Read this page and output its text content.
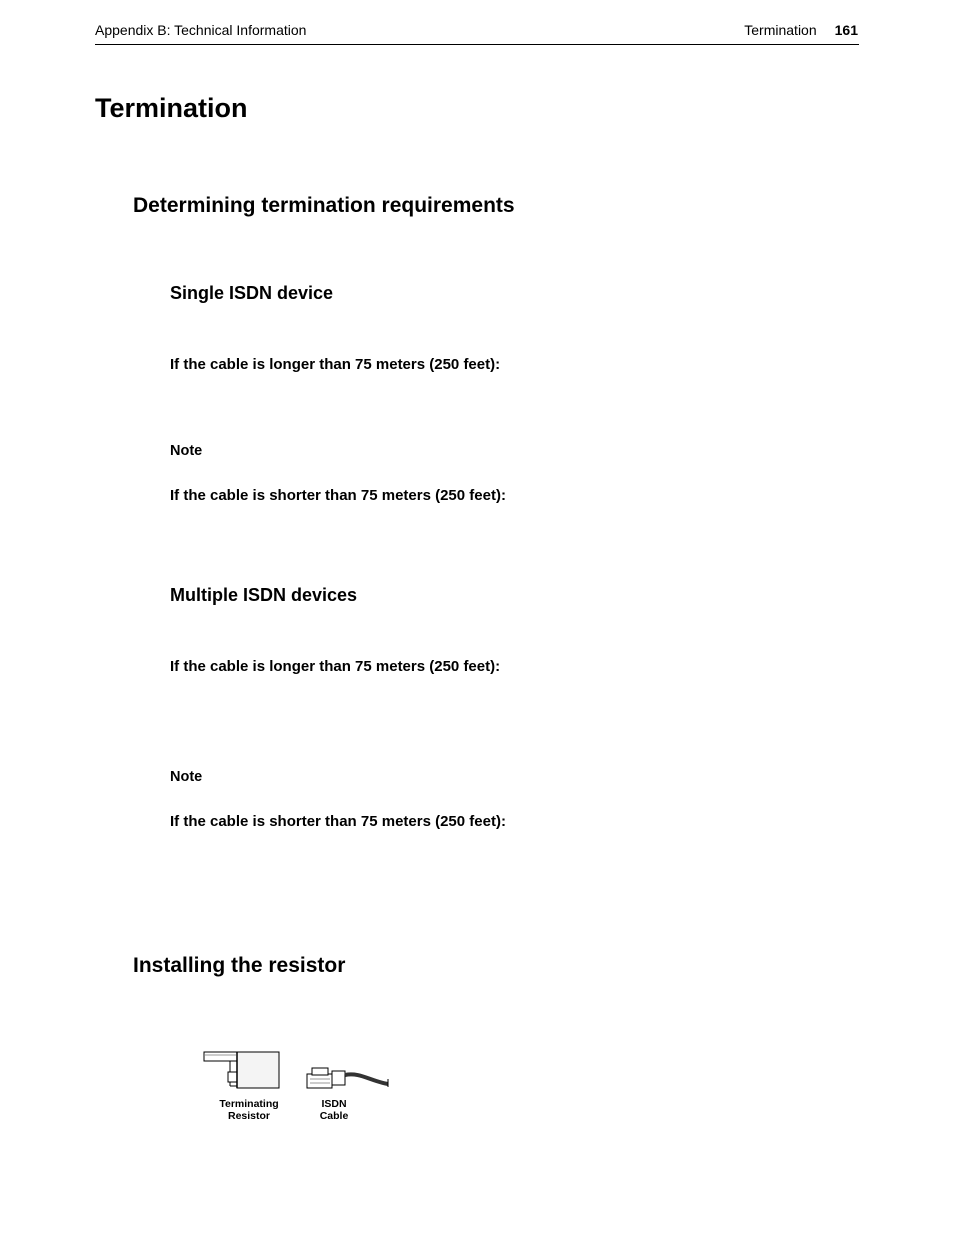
Appendix B: Technical Information	Termination 161
Termination
Determining termination requirements
Single ISDN device

If the cable is longer than 75 meters (250 feet):

Note

If the cable is shorter than 75 meters (250 feet):

Multiple ISDN devices

If the cable is longer than 75 meters (250 feet):

Note

If the cable is shorter than 75 meters (250 feet):

Installing the resistor
Terminating
Resistor
ISDN
Cable
